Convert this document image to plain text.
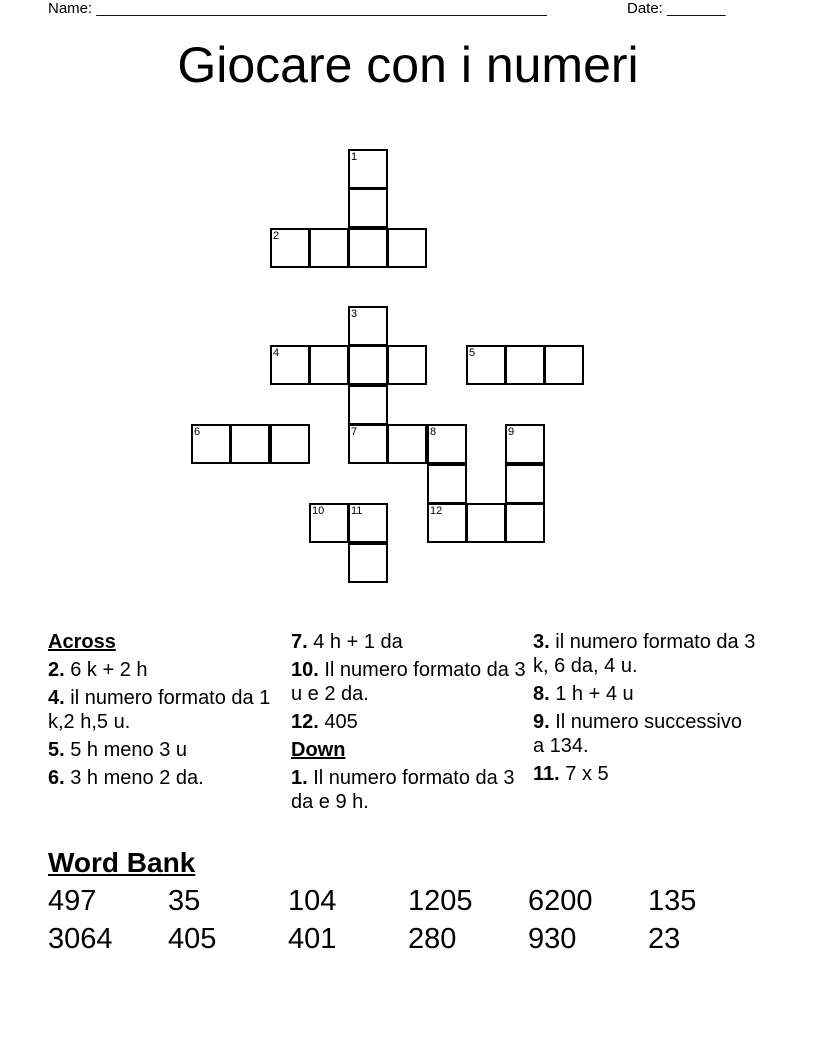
Name: ______________________________________________________	Date: _______
Giocare con i numeri
1
2
3
4	5
6	7	8	9
10 11	12
Across
2. 6 k + 2 h
4. il numero formato da 1 k,2 h,5 u.
5. 5 h meno 3 u
6. 3 h meno 2 da.
7. 4 h + 1 da
10. Il numero formato da 3 u e 2 da.
12. 405
Down
1. Il numero formato da 3 da e 9 h.
3. il numero formato da 3 k, 6 da, 4 u.
8. 1 h + 4 u
9. Il numero successivo a 134.
11. 7 x 5
Word Bank
497 35	104 1205 6200 135
3064 405 401 280 930 23
